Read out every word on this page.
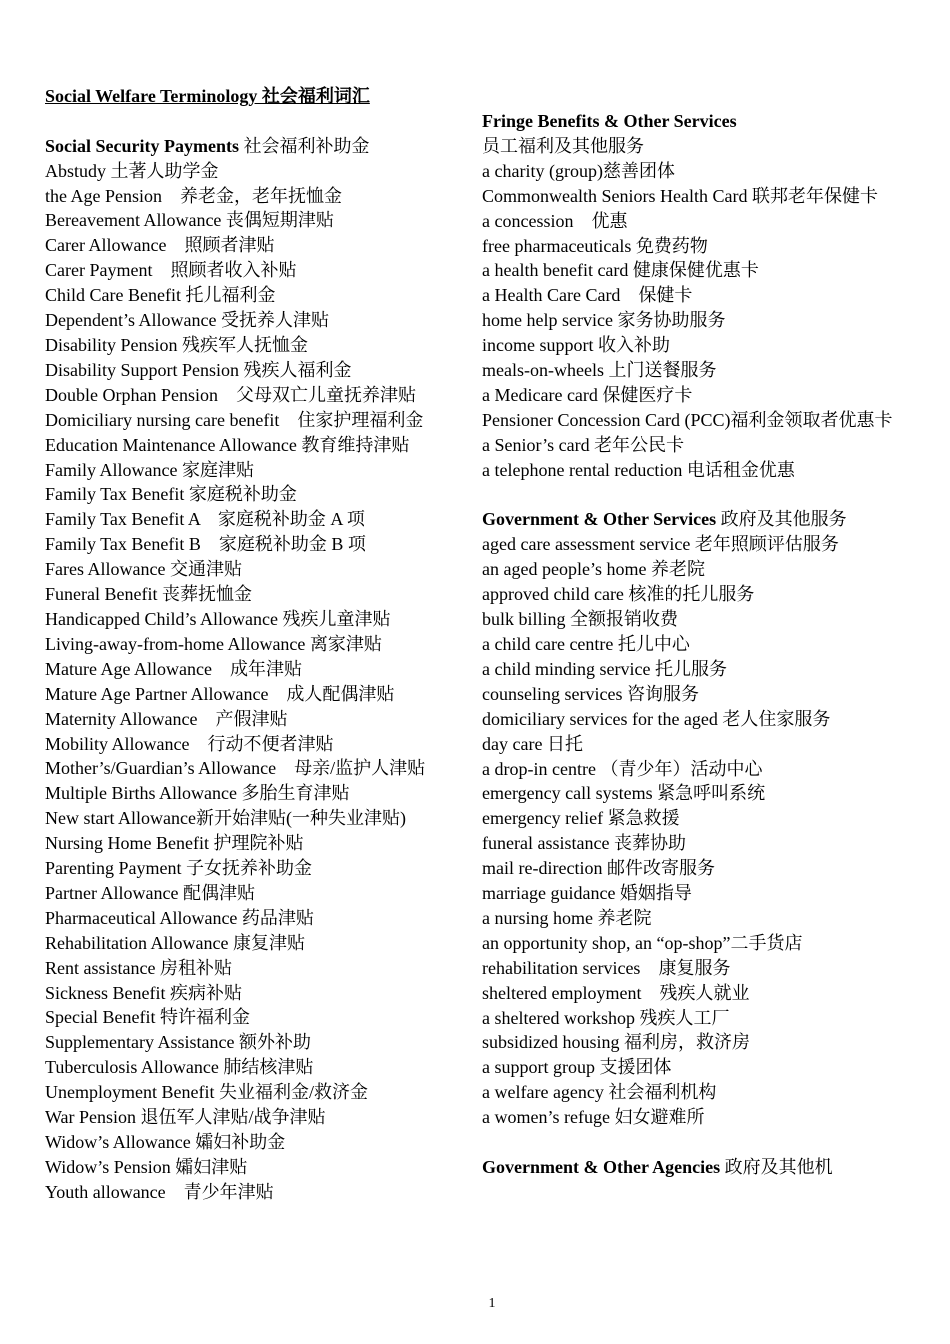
Social Welfare Terminology 社会福利词汇
Social Security Payments 社会福利补助金
Abstudy 土著人助学金
the Age Pension　养老金，老年抚恤金
Bereavement Allowance 丧偶短期津贴
Carer Allowance　照顾者津贴
Carer Payment　照顾者收入补贴
Child Care Benefit 托儿福利金
Dependent’s Allowance 受抚养人津贴
Disability Pension 残疾军人抚恤金
Disability Support Pension 残疾人福利金
Double Orphan Pension　父母双亡儿童抚养津贴
Domiciliary nursing care benefit　住家护理福利金
Education Maintenance Allowance 教育维持津贴
Family Allowance 家庭津贴
Family Tax Benefit 家庭税补助金
Family Tax Benefit A　家庭税补助金 A 项
Family Tax Benefit B　家庭税补助金 B 项
Fares Allowance 交通津贴
Funeral Benefit 丧葬抚恤金
Handicapped Child’s Allowance 残疾儿童津贴
Living-away-from-home Allowance 离家津贴
Mature Age Allowance　成年津贴
Mature Age Partner Allowance　成人配偶津贴
Maternity Allowance　产假津贴
Mobility Allowance　行动不便者津贴
Mother’s/Guardian’s Allowance　母亲/监护人津贴
Multiple Births Allowance 多胎生育津贴
New start Allowance新开始津贴(一种失业津贴)
Nursing Home Benefit 护理院补贴
Parenting Payment 子女抚养补助金
Partner Allowance 配偶津贴
Pharmaceutical Allowance 药品津贴
Rehabilitation Allowance 康复津贴
Rent assistance 房租补贴
Sickness Benefit 疾病补贴
Special Benefit 特许福利金
Supplementary Assistance 额外补助
Tuberculosis Allowance 肺结核津贴
Unemployment Benefit 失业福利金/救济金
War Pension 退伍军人津贴/战争津贴
Widow’s Allowance 孀妇补助金
Widow’s Pension 孀妇津贴
Youth allowance　青少年津贴
Fringe Benefits & Other Services
员工福利及其他服务
a charity (group)慈善团体
Commonwealth Seniors Health Card 联邦老年保健卡
a concession　优惠
free pharmaceuticals 免费药物
a health benefit card 健康保健优惠卡
a Health Care Card　保健卡
home help service 家务协助服务
income support 收入补助
meals-on-wheels 上门送餐服务
a Medicare card 保健医疗卡
Pensioner Concession Card (PCC)福利金领取者优惠卡
a Senior’s card 老年公民卡
a telephone rental reduction 电话租金优惠
Government & Other Services 政府及其他服务
aged care assessment service 老年照顾评估服务
an aged people’s home 养老院
approved child care 核准的托儿服务
bulk billing 全额报销收费
a child care centre 托儿中心
a child minding service 托儿服务
counseling services 咨询服务
domiciliary services for the aged 老人住家服务
day care 日托
a drop-in centre （青少年）活动中心
emergency call systems 紧急呼叫系统
emergency relief 紧急救援
funeral assistance 丧葬协助
mail re-direction 邮件改寄服务
marriage guidance 婚姻指导
a nursing home 养老院
an opportunity shop, an “op-shop”二手货店
rehabilitation services　康复服务
sheltered employment　残疾人就业
a sheltered workshop 残疾人工厂
subsidized housing 福利房，救济房
a support group 支援团体
a welfare agency 社会福利机构
a women’s refuge 妇女避难所
Government & Other Agencies 政府及其他机
1
